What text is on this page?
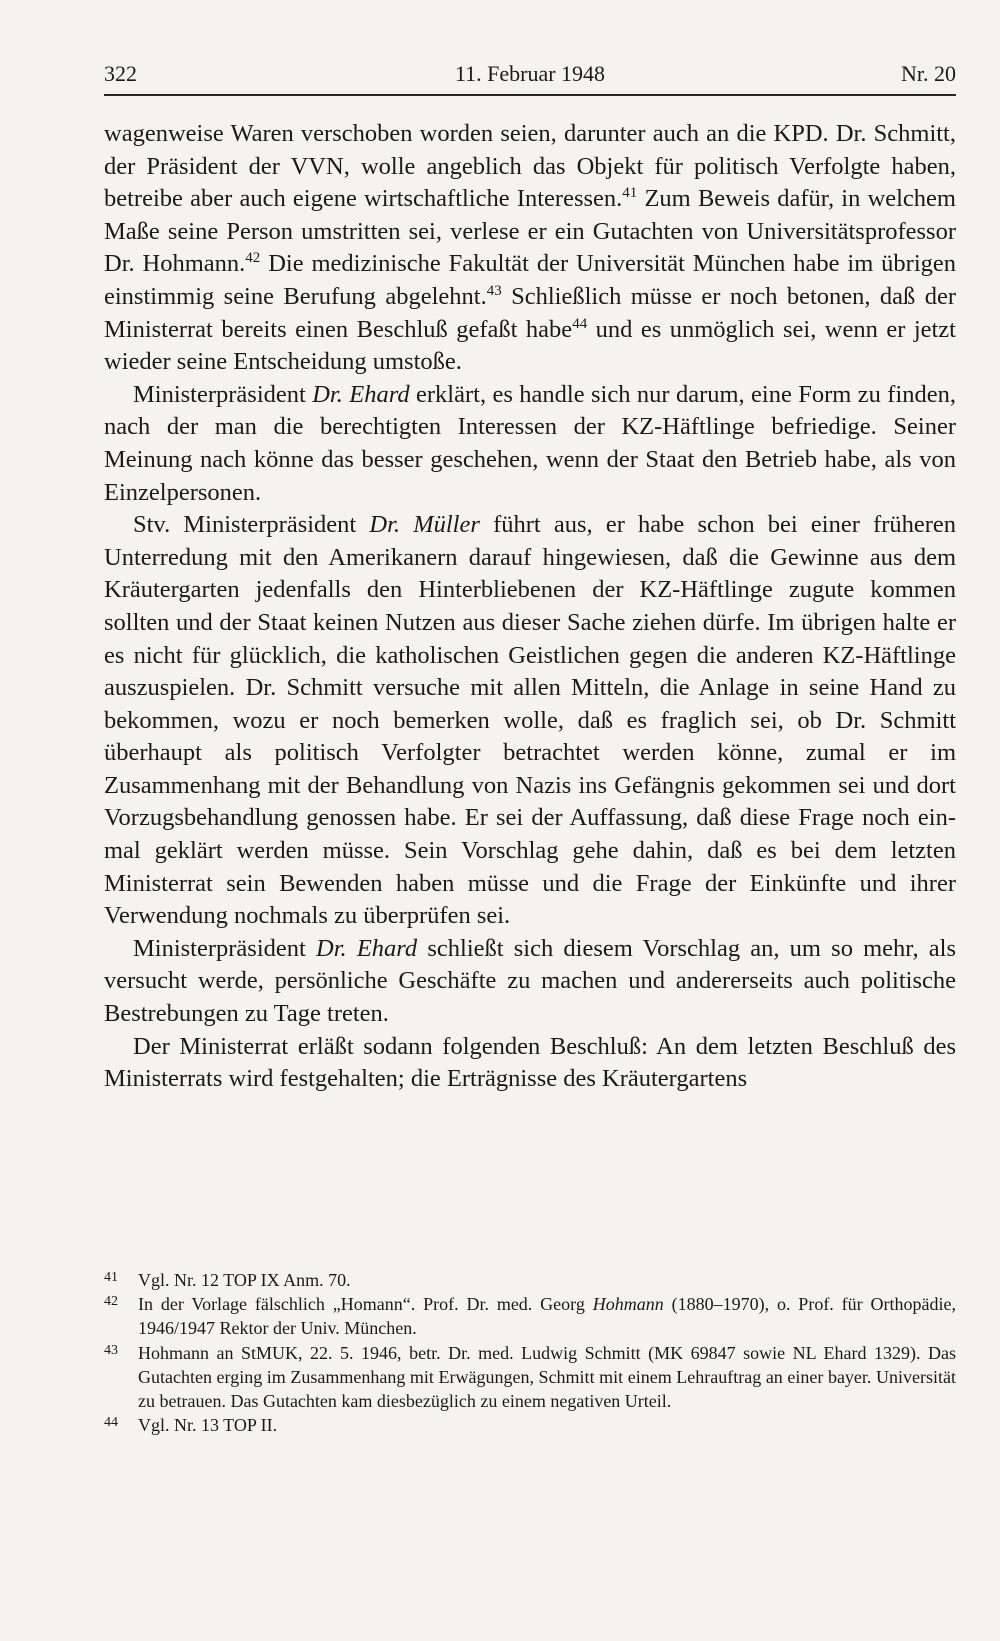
322	11. Februar 1948	Nr. 20

wagenweise Waren verschoben worden seien, darunter auch an die KPD. Dr. Schmitt, der Präsident der VVN, wolle angeblich das Objekt für politisch Verfolgte haben, betreibe aber auch eigene wirtschaftliche Interessen.$^{41}$ Zum Beweis dafür, in welchem Maße seine Person umstritten sei, verlese er ein Gutachten von Universitätsprofessor Dr. Hohmann.$^{42}$ Die medizinische Fakultät der Universität München habe im übrigen einstimmig seine Berufung abgelehnt.$^{43}$ Schließlich müsse er noch betonen, daß der Ministerrat bereits einen Beschluß gefaßt habe$^{44}$ und es unmöglich sei, wenn er jetzt wieder seine Entscheidung umstoße.

Ministerpräsident Dr. Ehard erklärt, es handle sich nur darum, eine Form zu finden, nach der man die berechtigten Interessen der KZ-Häftlinge befriedige. Seiner Meinung nach könne das besser geschehen, wenn der Staat den Betrieb habe, als von Einzelpersonen.

Stv. Ministerpräsident Dr. Müller führt aus, er habe schon bei einer früheren Unterredung mit den Amerikanern darauf hingewiesen, daß die Gewinne aus dem Kräutergarten jedenfalls den Hinterbliebenen der KZ-Häftlinge zugute kommen sollten und der Staat keinen Nutzen aus dieser Sache ziehen dürfe. Im übrigen halte er es nicht für glücklich, die katholischen Geistlichen gegen die anderen KZ-Häftlinge auszuspielen. Dr. Schmitt versuche mit allen Mitteln, die Anlage in seine Hand zu bekommen, wozu er noch bemerken wolle, daß es fraglich sei, ob Dr. Schmitt überhaupt als politisch Verfolgter betrachtet werden könne, zumal er im Zusammenhang mit der Behandlung von Nazis ins Gefängnis gekommen sei und dort Vorzugsbehandlung genossen habe. Er sei der Auffassung, daß diese Frage noch einmal geklärt werden müsse. Sein Vorschlag gehe dahin, daß es bei dem letzten Ministerrat sein Bewenden haben müsse und die Frage der Einkünfte und ihrer Verwendung nochmals zu überprüfen sei.

Ministerpräsident Dr. Ehard schließt sich diesem Vorschlag an, um so mehr, als versucht werde, persönliche Geschäfte zu machen und andererseits auch politische Bestrebungen zu Tage treten.

Der Ministerrat erläßt sodann folgenden Beschluß: An dem letzten Beschluß des Ministerrats wird festgehalten; die Erträgnisse des Kräutergartens

41 Vgl. Nr. 12 TOP IX Anm. 70.
42 In der Vorlage fälschlich „Homann“. Prof. Dr. med. Georg Hohmann (1880–1970), o. Prof. für Orthopädie, 1946/1947 Rektor der Univ. München.
43 Hohmann an StMUK, 22. 5. 1946, betr. Dr. med. Ludwig Schmitt (MK 69847 sowie NL Ehard 1329). Das Gutachten erging im Zusammenhang mit Erwägungen, Schmitt mit einem Lehrauftrag an einer bayer. Universität zu betrauen. Das Gutachten kam diesbezüglich zu einem negativen Urteil.
44 Vgl. Nr. 13 TOP II.
